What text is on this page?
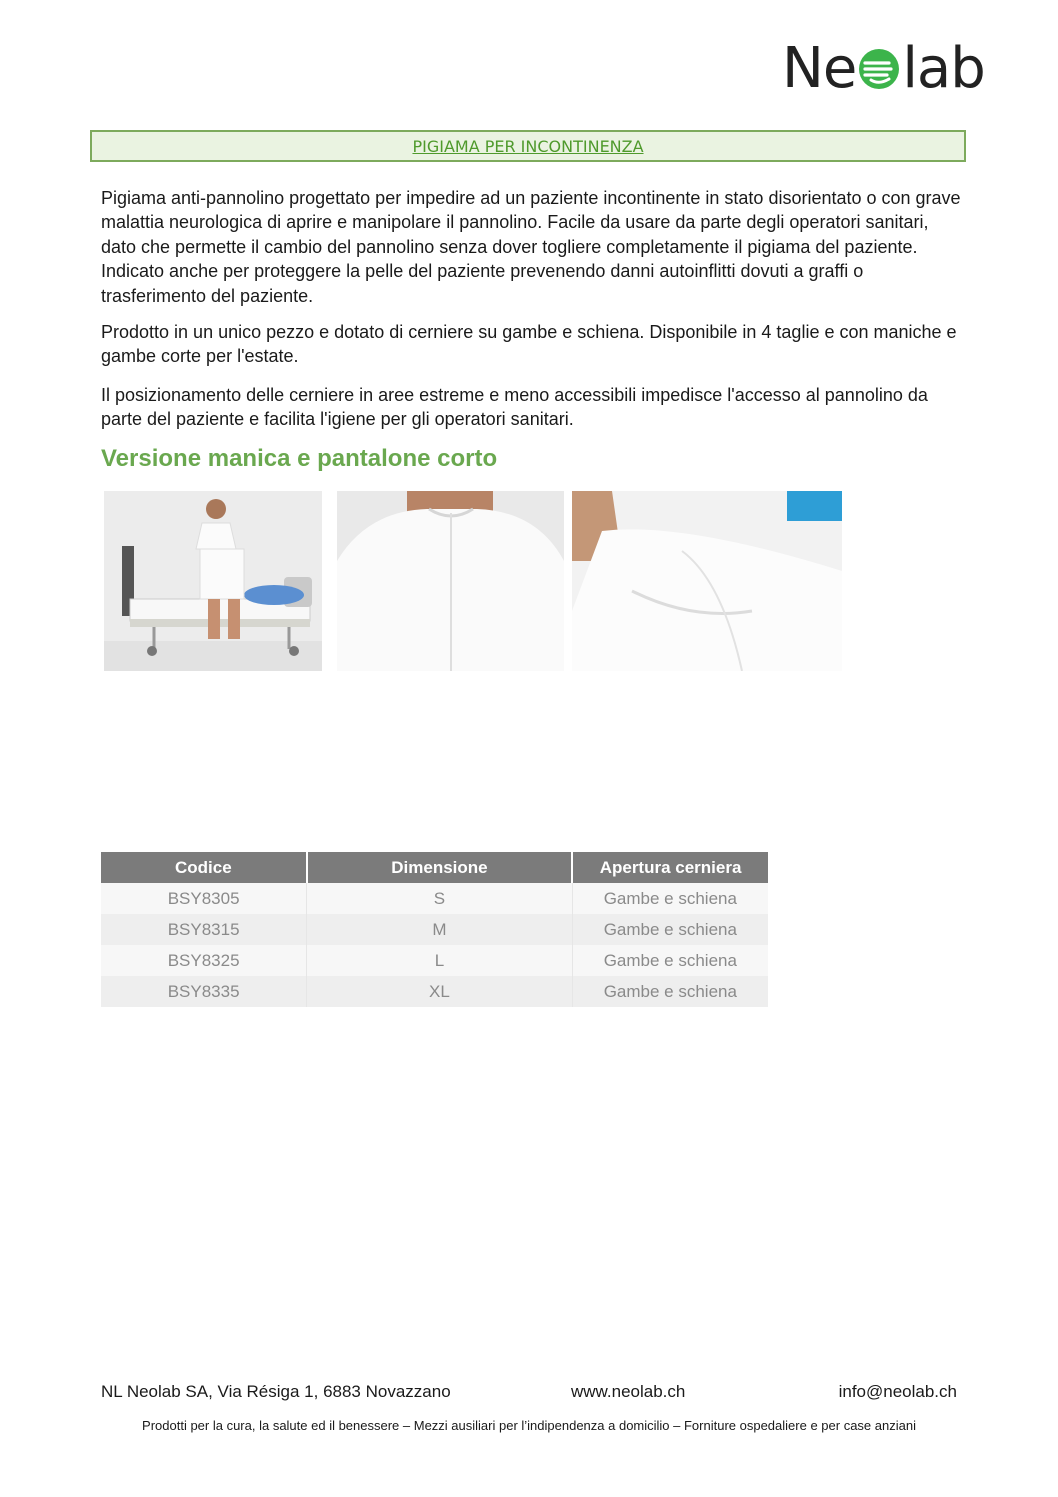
Ne lab
PIGIAMA PER INCONTINENZA

Pigiama anti-pannolino progettato per impedire ad un paziente incontinente in stato disorientato o con grave malattia neurologica di aprire e manipolare il pannolino. Facile da usare da parte degli operatori sanitari, dato che permette il cambio del pannolino senza dover togliere completamente il pigiama del paziente. Indicato anche per proteggere la pelle del paziente prevenendo danni autoinflitti dovuti a graffi o trasferimento del paziente.

Prodotto in un unico pezzo e dotato di cerniere su gambe e schiena. Disponibile in 4 taglie e con maniche e gambe corte per l'estate.

Il posizionamento delle cerniere in aree estreme e meno accessibili impedisce l'accesso al pannolino da parte del paziente e facilita l'igiene per gli operatori sanitari.

Versione manica e pantalone corto
Codice	Dimensione	Apertura cerniera
BSY8305	S	Gambe e schiena
BSY8315	M	Gambe e schiena
BSY8325	L	Gambe e schiena
BSY8335	XL	Gambe e schiena
NL Neolab SA, Via Résiga 1, 6883 Novazzano	www.neolab.ch	info@neolab.ch
Prodotti per la cura, la salute ed il benessere – Mezzi ausiliari per l’indipendenza a domicilio – Forniture ospedaliere e per case anziani
